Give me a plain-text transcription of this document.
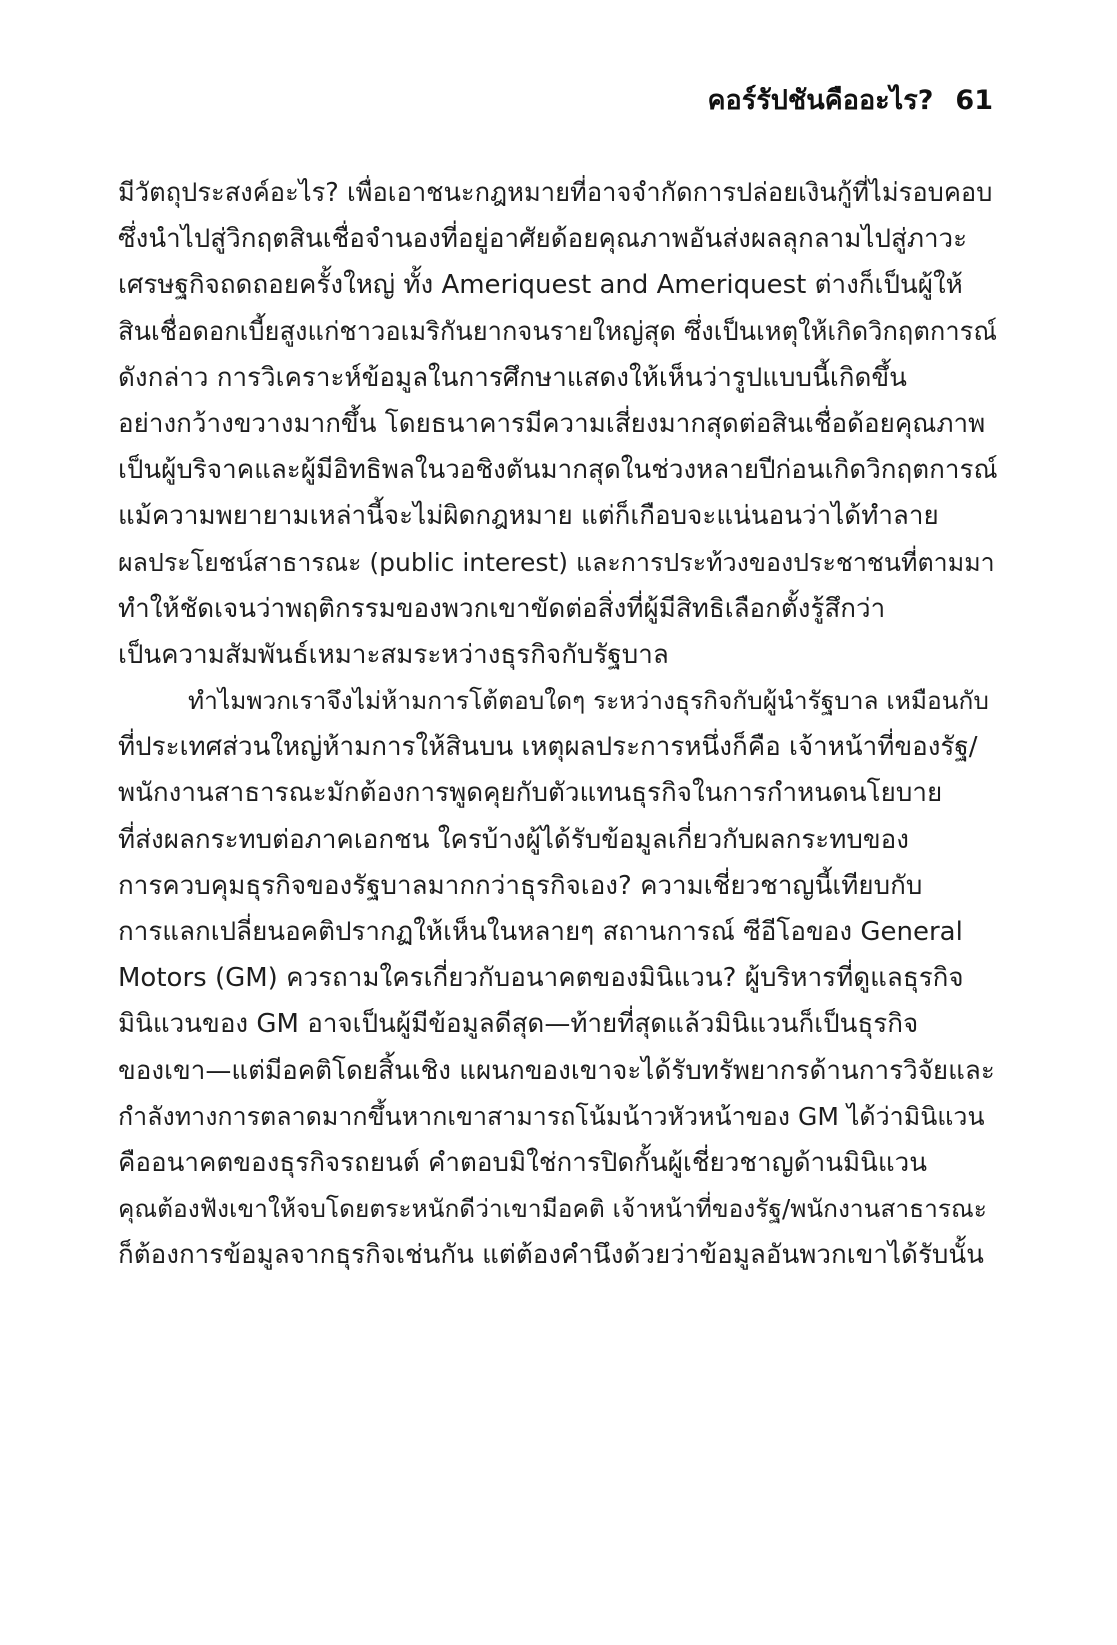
คอร์รัปชันคืออะไร? 61
มีวัตถุประสงค์อะไร? เพื่อเอาชนะกฎหมายที่อาจจำกัดการปล่อยเงินกู้ที่ไม่รอบคอบ
ซึ่งนำไปสู่วิกฤตสินเชื่อจำนองที่อยู่อาศัยด้อยคุณภาพอันส่งผลลุกลามไปสู่ภาวะ
เศรษฐกิจถดถอยครั้งใหญ่ ทั้ง Ameriquest and Ameriquest ต่างก็เป็นผู้ให้
สินเชื่อดอกเบี้ยสูงแก่ชาวอเมริกันยากจนรายใหญ่สุด ซึ่งเป็นเหตุให้เกิดวิกฤตการณ์
ดังกล่าว การวิเคราะห์ข้อมูลในการศึกษาแสดงให้เห็นว่ารูปแบบนี้เกิดขึ้น
อย่างกว้างขวางมากขึ้น โดยธนาคารมีความเสี่ยงมากสุดต่อสินเชื่อด้อยคุณภาพ
เป็นผู้บริจาคและผู้มีอิทธิพลในวอชิงตันมากสุดในช่วงหลายปีก่อนเกิดวิกฤตการณ์
แม้ความพยายามเหล่านี้จะไม่ผิดกฎหมาย แต่ก็เกือบจะแน่นอนว่าได้ทำลาย
ผลประโยชน์สาธารณะ (public interest) และการประท้วงของประชาชนที่ตามมา
ทำให้ชัดเจนว่าพฤติกรรมของพวกเขาขัดต่อสิ่งที่ผู้มีสิทธิเลือกตั้งรู้สึกว่า
เป็นความสัมพันธ์เหมาะสมระหว่างธุรกิจกับรัฐบาล
ทำไมพวกเราจึงไม่ห้ามการโต้ตอบใดๆ ระหว่างธุรกิจกับผู้นำรัฐบาล เหมือนกับ
ที่ประเทศส่วนใหญ่ห้ามการให้สินบน เหตุผลประการหนึ่งก็คือ เจ้าหน้าที่ของรัฐ/
พนักงานสาธารณะมักต้องการพูดคุยกับตัวแทนธุรกิจในการกำหนดนโยบาย
ที่ส่งผลกระทบต่อภาคเอกชน ใครบ้างผู้ได้รับข้อมูลเกี่ยวกับผลกระทบของ
การควบคุมธุรกิจของรัฐบาลมากกว่าธุรกิจเอง? ความเชี่ยวชาญนี้เทียบกับ
การแลกเปลี่ยนอคติปรากฏให้เห็นในหลายๆ สถานการณ์ ซีอีโอของ General
Motors (GM) ควรถามใครเกี่ยวกับอนาคตของมินิแวน? ผู้บริหารที่ดูแลธุรกิจ
มินิแวนของ GM อาจเป็นผู้มีข้อมูลดีสุด—ท้ายที่สุดแล้วมินิแวนก็เป็นธุรกิจ
ของเขา—แต่มีอคติโดยสิ้นเชิง แผนกของเขาจะได้รับทรัพยากรด้านการวิจัยและ
กำลังทางการตลาดมากขึ้นหากเขาสามารถโน้มน้าวหัวหน้าของ GM ได้ว่ามินิแวน
คืออนาคตของธุรกิจรถยนต์ คำตอบมิใช่การปิดกั้นผู้เชี่ยวชาญด้านมินิแวน
คุณต้องฟังเขาให้จบโดยตระหนักดีว่าเขามีอคติ เจ้าหน้าที่ของรัฐ/พนักงานสาธารณะ
ก็ต้องการข้อมูลจากธุรกิจเช่นกัน แต่ต้องคำนึงด้วยว่าข้อมูลอันพวกเขาได้รับนั้น
